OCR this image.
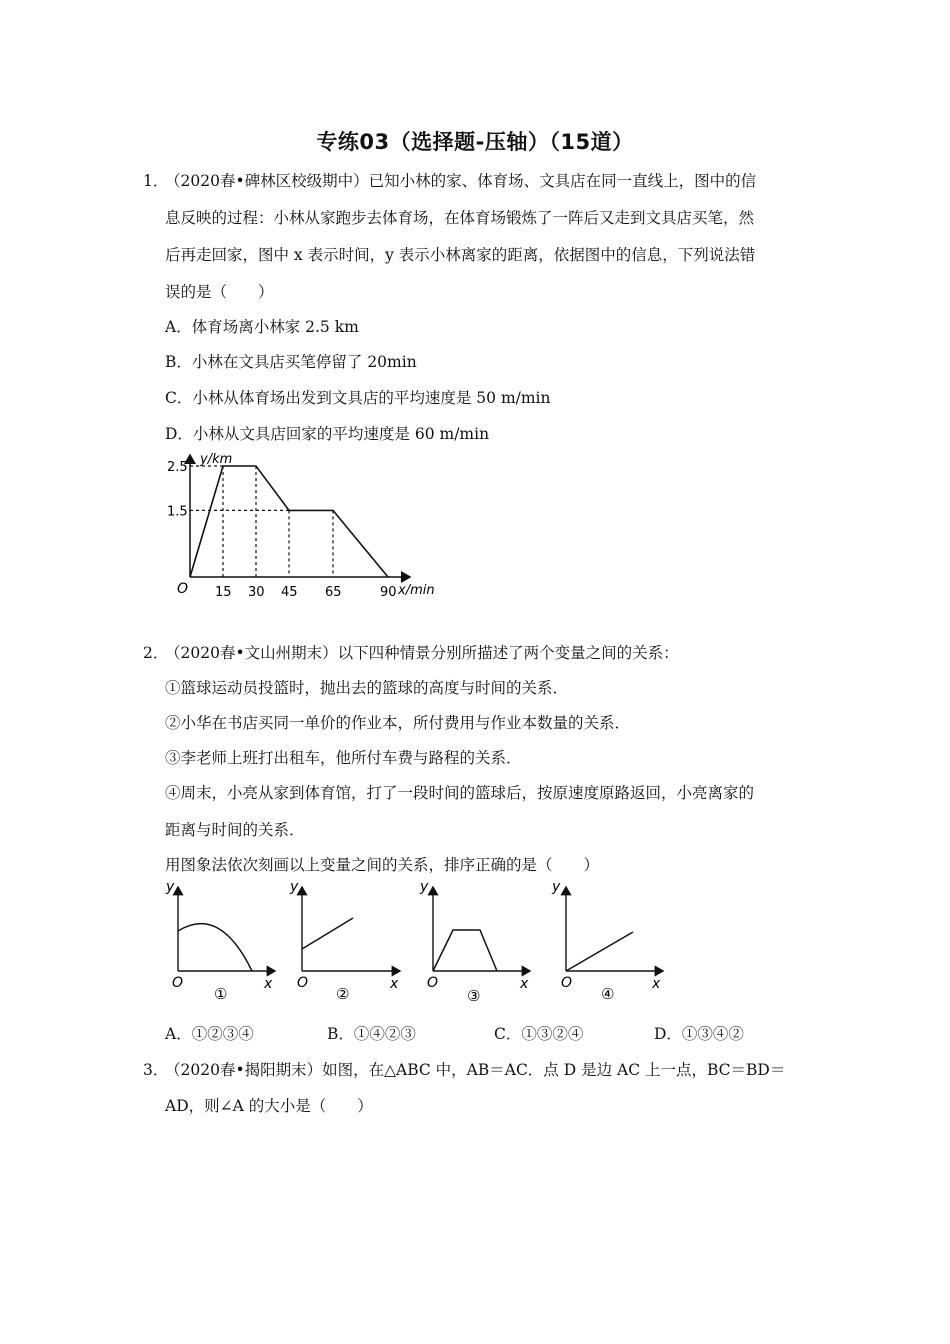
专练03（选择题-压轴）（15道）
1．
（2020春•碑林区校级期中）已知小林的家、体育场、文具店在同一直线上，图中的信
息反映的过程：小林从家跑步去体育场，在体育场锻炼了一阵后又走到文具店买笔，然
后再走回家，图中 x 表示时间，y 表示小林离家的距离，依据图中的信息，下列说法错
误的是（　　）
A．体育场离小林家 2.5 km
B．小林在文具店买笔停留了 20min
C．小林从体育场出发到文具店的平均速度是 50 m/min
D．小林从文具店回家的平均速度是 60 m/min
15 30 45 65	90
2.5
1.5
y/km
x/min
O
2．
（2020春•文山州期末）以下四种情景分别所描述了两个变量之间的关系：
①篮球运动员投篮时，抛出去的篮球的高度与时间的关系．
②小华在书店买同一单价的作业本，所付费用与作业本数量的关系．
③李老师上班打出租车，他所付车费与路程的关系．
④周末，小亮从家到体育馆，打了一段时间的篮球后，按原速度原路返回，小亮离家的
距离与时间的关系．
用图象法依次刻画以上变量之间的关系，排序正确的是（　　）
y
x
O
①
y
x
O
②
y
x
O
③
y
x
O
④
A．①②③④	B．①④②③	C．①③②④	D．①③④②
3．
（2020春•揭阳期末）如图，在△ABC 中，AB＝AC．点 D 是边 AC 上一点，BC＝BD＝
AD，则∠A 的大小是（　　）
